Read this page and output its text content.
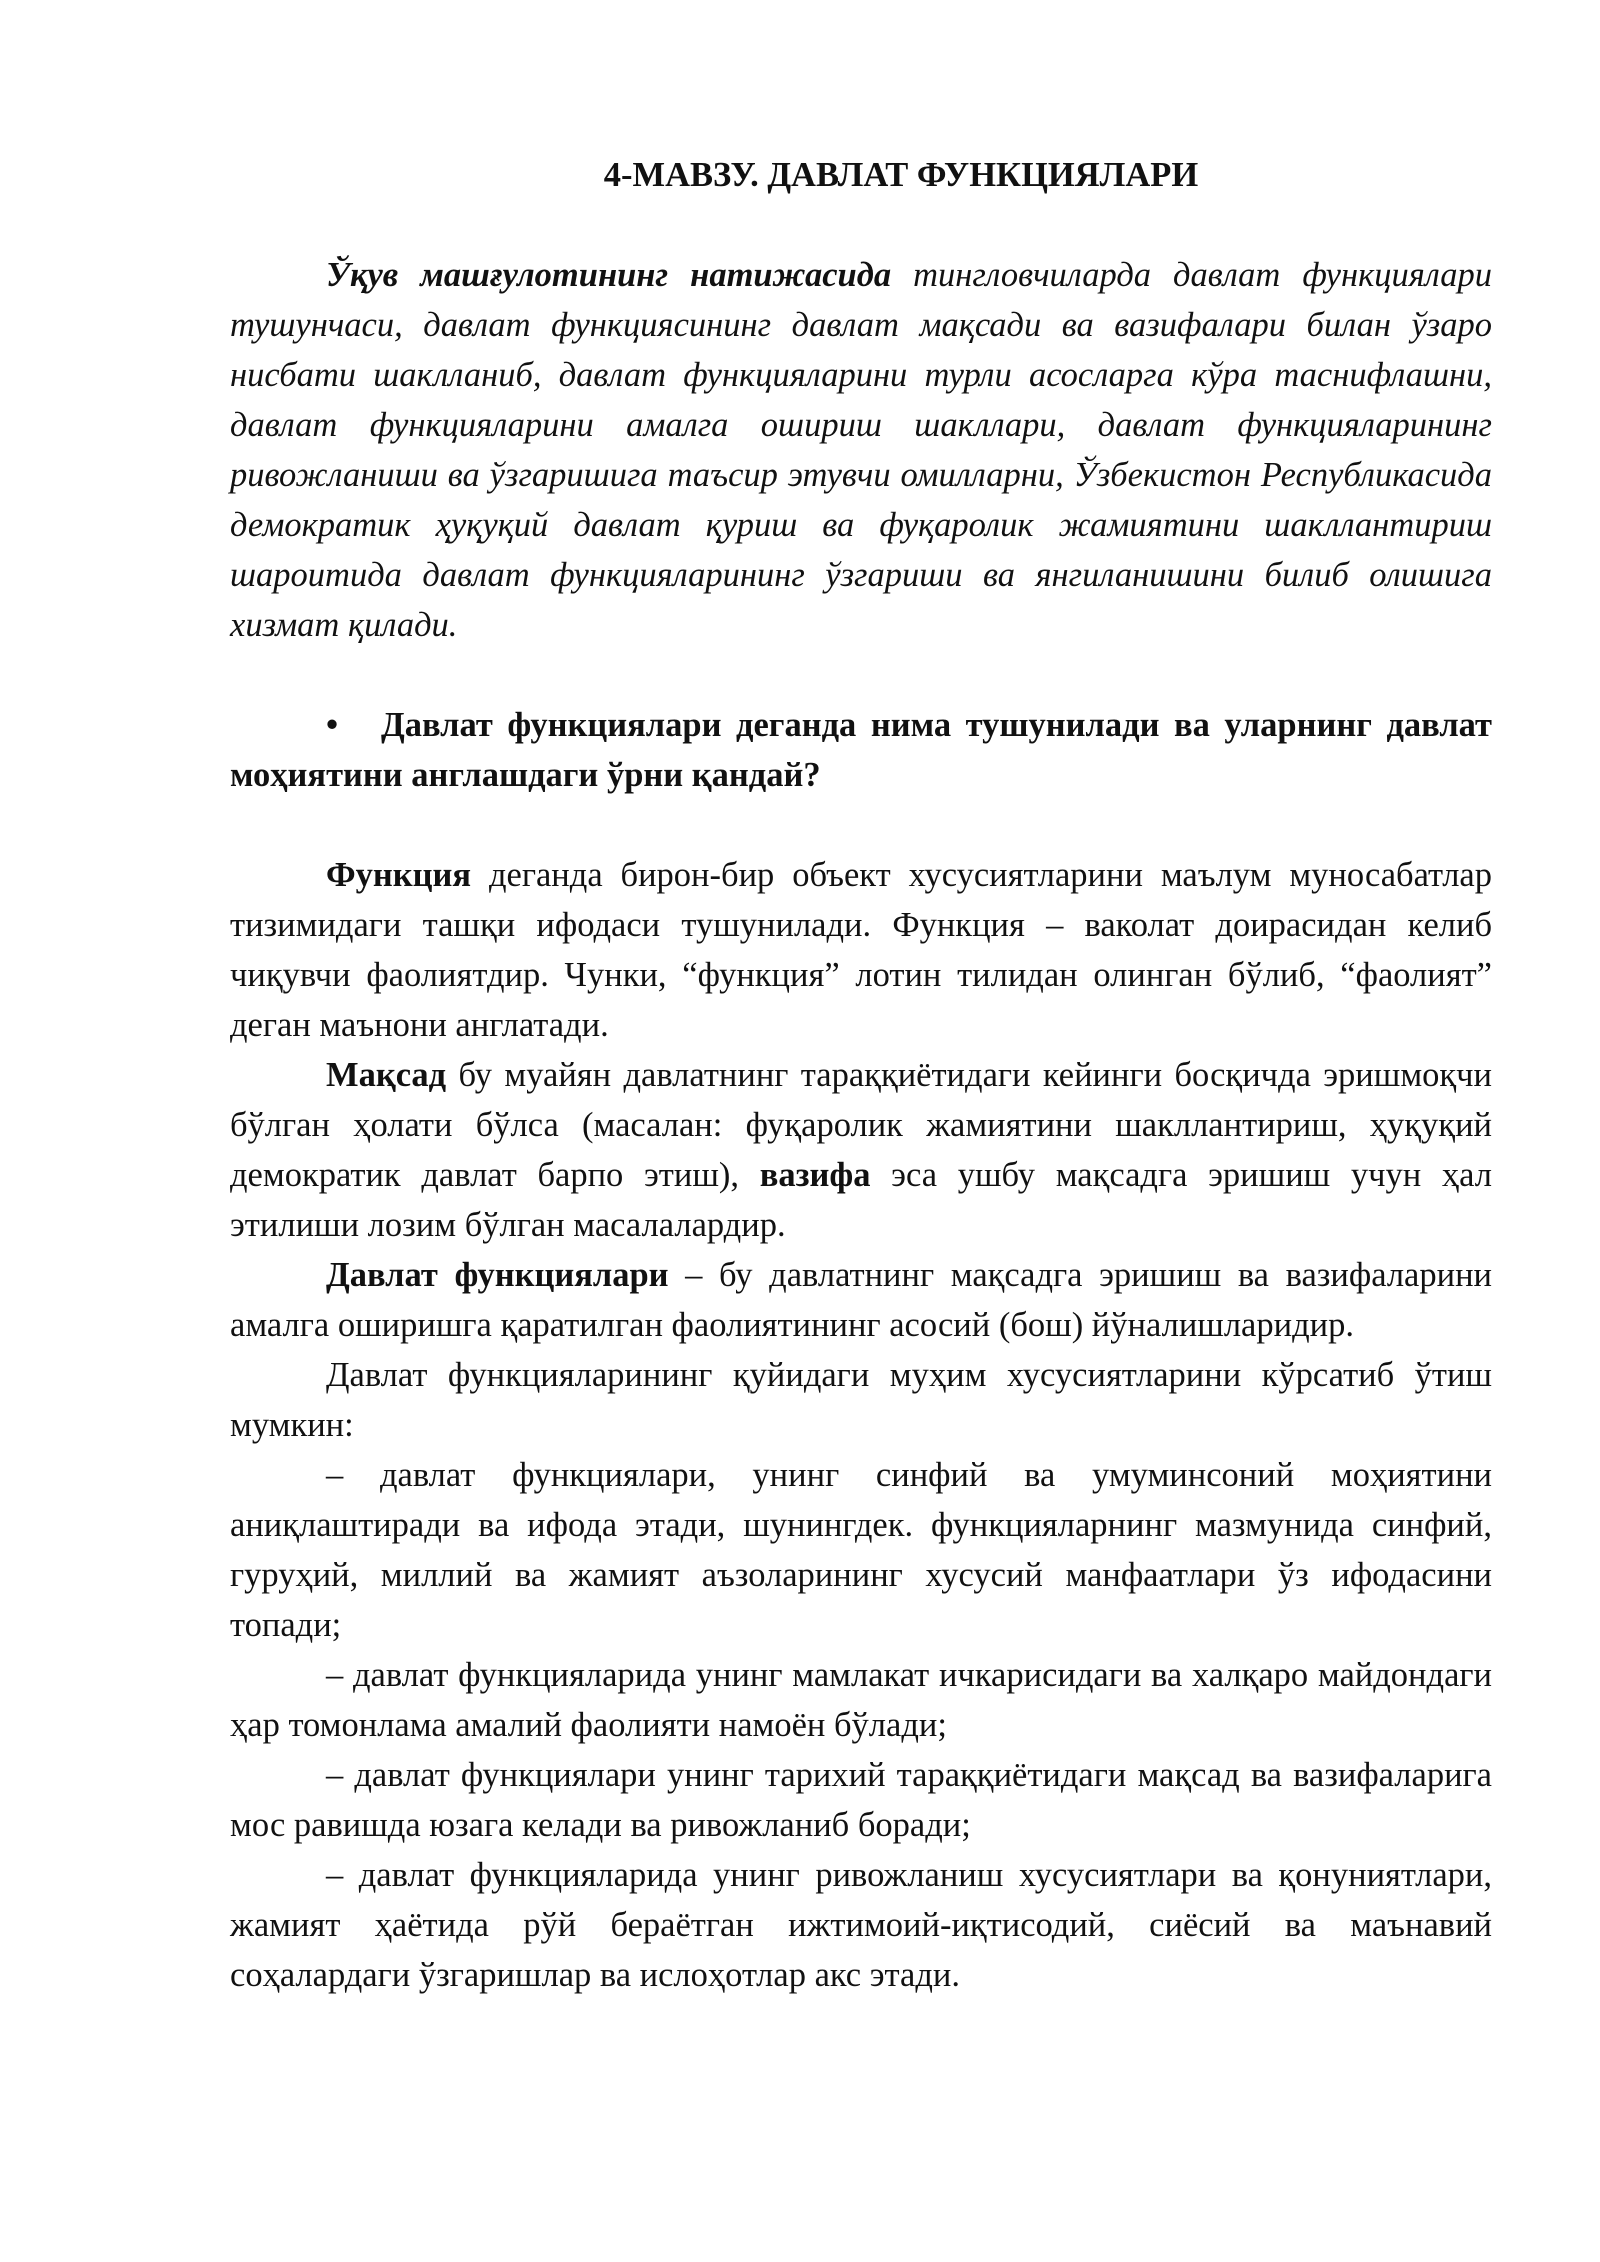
4-МАВЗУ. ДАВЛАТ ФУНКЦИЯЛАРИ

Ўқув машғулотининг натижасида тингловчиларда давлат функциялари тушунчаси, давлат функциясининг давлат мақсади ва вазифалари билан ўзаро нисбати шаклланиб, давлат функцияларини турли асосларга кўра таснифлашни, давлат функцияларини амалга ошириш шакллари, давлат функцияларининг ривожланиши ва ўзгаришига таъсир этувчи омилларни, Ўзбекистон Республикасида демократик ҳуқуқий давлат қуриш ва фуқаролик жамиятини шакллантириш шароитида давлат функцияларининг ўзгариши ва янгиланишини билиб олишига хизмат қилади.

• Давлат функциялари деганда нима тушунилади ва уларнинг давлат моҳиятини англашдаги ўрни қандай?

Функция деганда бирон-бир объект хусусиятларини маълум муносабатлар тизимидаги ташқи ифодаси тушунилади. Функция – ваколат доирасидан келиб чиқувчи фаолиятдир. Чунки, “функция” лотин тилидан олинган бўлиб, “фаолият” деган маънони англатади.

Мақсад бу муайян давлатнинг тараққиётидаги кейинги босқичда эришмоқчи бўлган ҳолати бўлса (масалан: фуқаролик жамиятини шакллантириш, ҳуқуқий демократик давлат барпо этиш), вазифа эса ушбу мақсадга эришиш учун ҳал этилиши лозим бўлган масалалардир.

Давлат функциялари – бу давлатнинг мақсадга эришиш ва вазифаларини амалга оширишга қаратилган фаолиятининг асосий (бош) йўналишларидир.

Давлат функцияларининг қуйидаги муҳим хусусиятларини кўрсатиб ўтиш мумкин:

– давлат функциялари, унинг синфий ва умуминсоний моҳиятини аниқлаштиради ва ифода этади, шунингдек. функцияларнинг мазмунида синфий, гуруҳий, миллий ва жамият аъзоларининг хусусий манфаатлари ўз ифодасини топади;

– давлат функцияларида унинг мамлакат ичкарисидаги ва халқаро майдондаги ҳар томонлама амалий фаолияти намоён бўлади;

– давлат функциялари унинг тарихий тараққиётидаги мақсад ва вазифаларига мос равишда юзага келади ва ривожланиб боради;

– давлат функцияларида унинг ривожланиш хусусиятлари ва қонуниятлари, жамият ҳаётида рўй бераётган ижтимоий-иқтисодий, сиёсий ва маънавий соҳалардаги ўзгаришлар ва ислоҳотлар акс этади.
